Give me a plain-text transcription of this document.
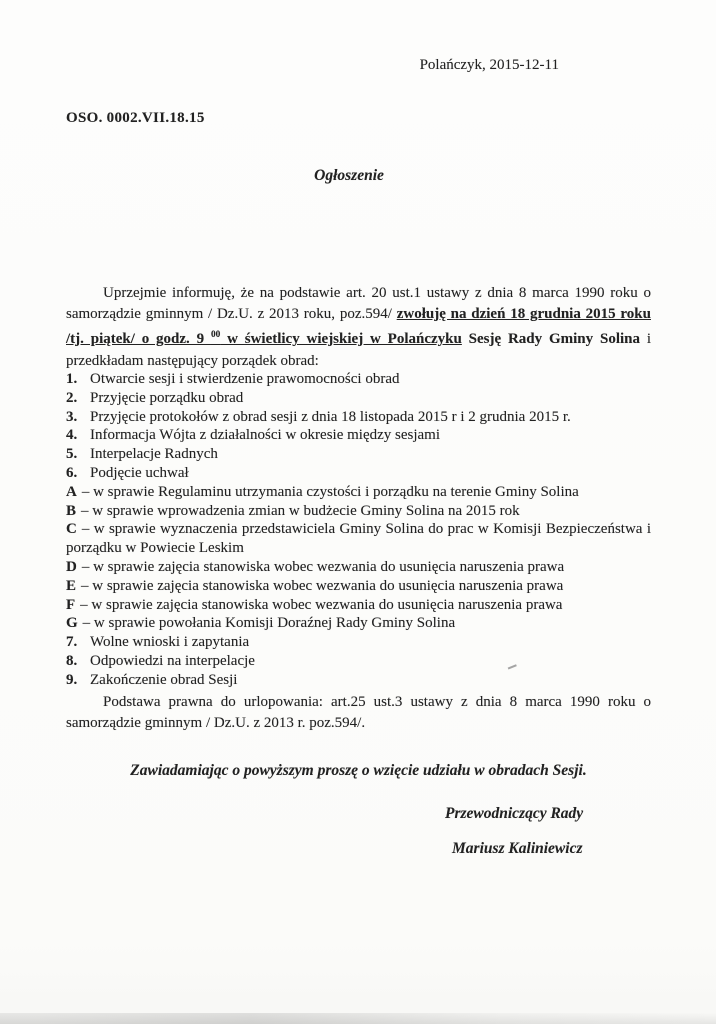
Polańczyk, 2015-12-11
OSO. 0002.VII.18.15
Ogłoszenie

Uprzejmie informuję, że na podstawie art. 20 ust.1 ustawy z dnia 8 marca 1990 roku o samorządzie gminnym / Dz.U. z 2013 roku, poz.594/ zwołuję na dzień 18 grudnia 2015 roku /tj. piątek/ o godz. 9 $^{00}$ w świetlicy wiejskiej w Polańczyku Sesję Rady Gminy Solina i przedkładam następujący porządek obrad:

1. Otwarcie sesji i stwierdzenie prawomocności obrad
2. Przyjęcie porządku obrad
3. Przyjęcie protokołów z obrad sesji z dnia 18 listopada 2015 r i 2 grudnia 2015 r.
4. Informacja Wójta z działalności w okresie między sesjami
5. Interpelacje Radnych
6. Podjęcie uchwał
A – w sprawie Regulaminu utrzymania czystości i porządku na terenie Gminy Solina
B – w sprawie wprowadzenia zmian w budżecie Gminy Solina na 2015 rok
C – w sprawie wyznaczenia przedstawiciela Gminy Solina do prac w Komisji Bezpieczeństwa i porządku w Powiecie Leskim
D – w sprawie zajęcia stanowiska wobec wezwania do usunięcia naruszenia prawa
E – w sprawie zajęcia stanowiska wobec wezwania do usunięcia naruszenia prawa
F – w sprawie zajęcia stanowiska wobec wezwania do usunięcia naruszenia prawa
G – w sprawie powołania Komisji Doraźnej Rady Gminy Solina
7. Wolne wnioski i zapytania
8. Odpowiedzi na interpelacje
9. Zakończenie obrad Sesji

Podstawa prawna do urlopowania: art.25 ust.3 ustawy z dnia 8 marca 1990 roku o samorządzie gminnym / Dz.U. z 2013 r. poz.594/.

Zawiadamiając o powyższym proszę o wzięcie udziału w obradach Sesji.
Przewodniczący Rady
Mariusz Kaliniewicz
